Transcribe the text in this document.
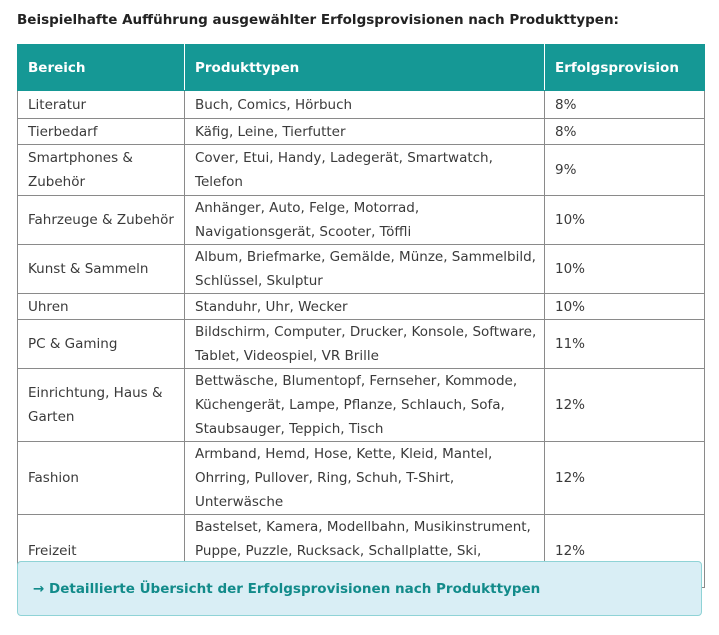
Beispielhafte Aufführung ausgewählter Erfolgsprovisionen nach Produkttypen:
Bereich	Produkttypen	Erfolgsprovision
Literatur	Buch, Comics, Hörbuch	8%
Tierbedarf	Käfig, Leine, Tierfutter	8%
Smartphones & Zubehör	Cover, Etui, Handy, Ladegerät, Smartwatch, Telefon	9%
Fahrzeuge & Zubehör	Anhänger, Auto, Felge, Motorrad, Navigationsgerät, Scooter, Töffli	10%
Kunst & Sammeln	Album, Briefmarke, Gemälde, Münze, Sammelbild, Schlüssel, Skulptur	10%
Uhren	Standuhr, Uhr, Wecker	10%
PC & Gaming	Bildschirm, Computer, Drucker, Konsole, Software, Tablet, Videospiel, VR Brille	11%
Einrichtung, Haus & Garten	Bettwäsche, Blumentopf, Fernseher, Kommode, Küchengerät, Lampe, Pflanze, Schlauch, Sofa, Staubsauger, Teppich, Tisch	12%
Fashion	Armband, Hemd, Hose, Kette, Kleid, Mantel, Ohrring, Pullover, Ring, Schuh, T-Shirt, Unterwäsche	12%
Freizeit	Bastelset, Kamera, Modellbahn, Musikinstrument, Puppe, Puzzle, Rucksack, Schallplatte, Ski,	12%
→ Detaillierte Übersicht der Erfolgsprovisionen nach Produkttypen
